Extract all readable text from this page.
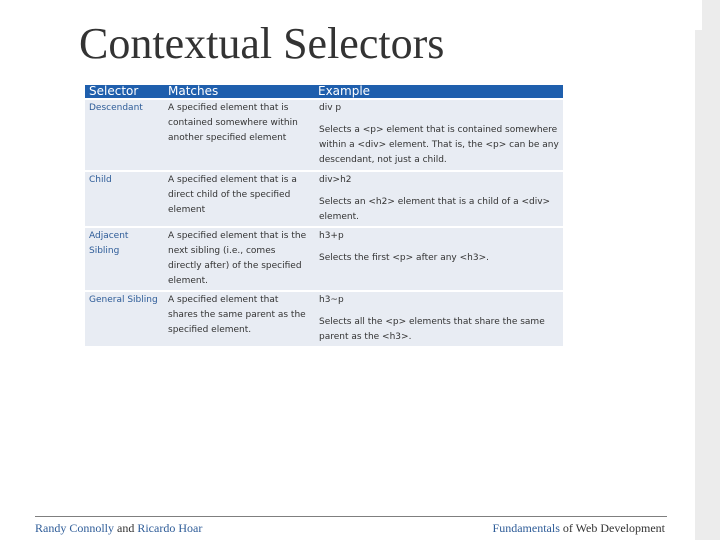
Contextual Selectors
Selector	Matches	Example
Descendant	A specified element that is contained somewhere within another specified element	div p
Selects a <p> element that is contained somewhere within a <div> element. That is, the <p> can be any descendant, not just a child.

Child	A specified element that is a direct child of the specified element	div>h2
Selects an <h2> element that is a child of a <div> element.

Adjacent Sibling	A specified element that is the next sibling (i.e., comes directly after) of the specified element.	h3+p
Selects the first <p> after any <h3>.

General Sibling	A specified element that shares the same parent as the specified element.	h3~p
Selects all the <p> elements that share the same parent as the <h3>.
Randy Connolly and Ricardo Hoar	Fundamentals of Web Development
